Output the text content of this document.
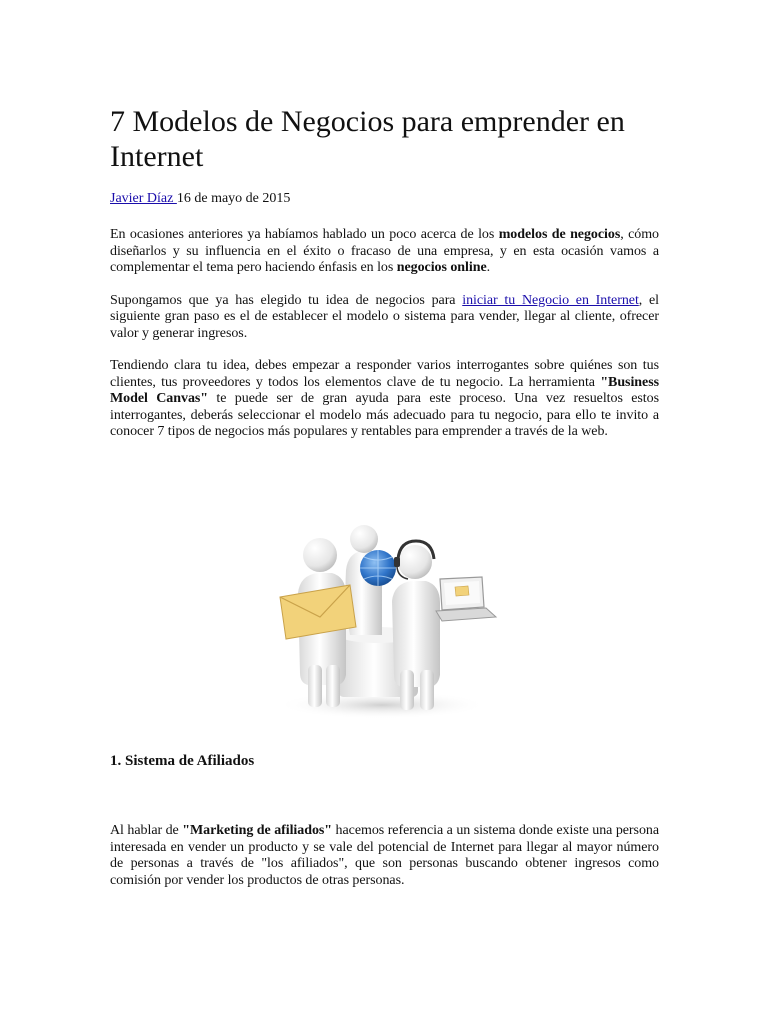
7 Modelos de Negocios para emprender en Internet
Javier Díaz 16 de mayo de 2015

En ocasiones anteriores ya habíamos hablado un poco acerca de los modelos de negocios, cómo diseñarlos y su influencia en el éxito o fracaso de una empresa, y en esta ocasión vamos a complementar el tema pero haciendo énfasis en los negocios online.

Supongamos que ya has elegido tu idea de negocios para iniciar tu Negocio en Internet, el siguiente gran paso es el de establecer el modelo o sistema para vender, llegar al cliente, ofrecer valor y generar ingresos.

Tendiendo clara tu idea, debes empezar a responder varios interrogantes sobre quiénes son tus clientes, tus proveedores y todos los elementos clave de tu negocio. La herramienta "Business Model Canvas" te puede ser de gran ayuda para este proceso. Una vez resueltos estos interrogantes, deberás seleccionar el modelo más adecuado para tu negocio, para ello te invito a conocer 7 tipos de negocios más populares y rentables para emprender a través de la web.

1. Sistema de Afiliados

Al hablar de "Marketing de afiliados" hacemos referencia a un sistema donde existe una persona interesada en vender un producto y se vale del potencial de Internet para llegar al mayor número de personas a través de "los afiliados", que son personas buscando obtener ingresos como comisión por vender los productos de otras personas.
